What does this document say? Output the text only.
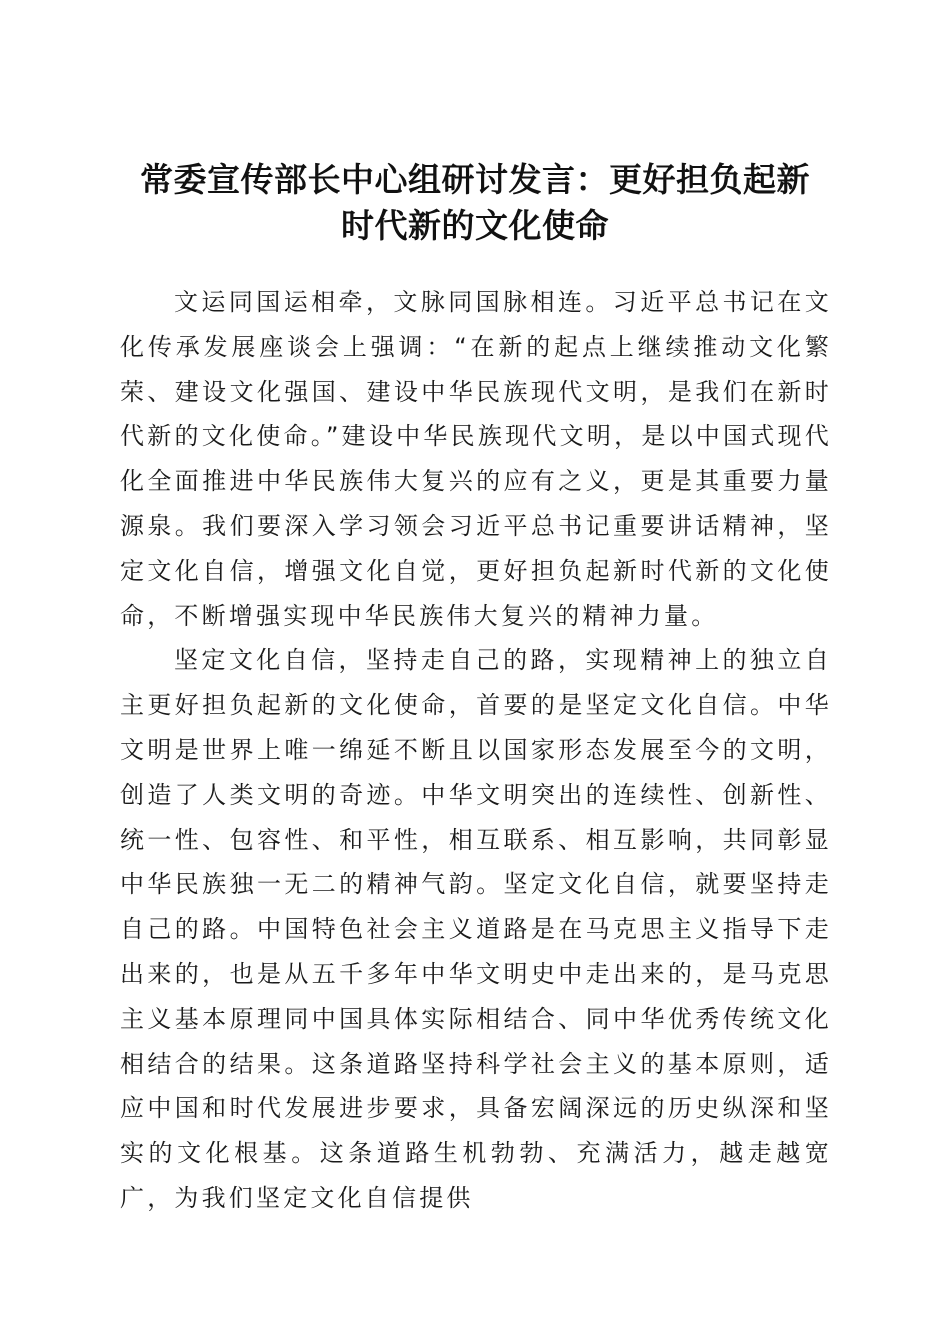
常委宣传部长中心组研讨发言：更好担负起新
时代新的文化使命

文运同国运相牵，文脉同国脉相连。习近平总书记在文化传承发展座谈会上强调：“在新的起点上继续推动文化繁荣、建设文化强国、建设中华民族现代文明，是我们在新时代新的文化使命。”建设中华民族现代文明，是以中国式现代化全面推进中华民族伟大复兴的应有之义，更是其重要力量源泉。我们要深入学习领会习近平总书记重要讲话精神，坚定文化自信，增强文化自觉，更好担负起新时代新的文化使命，不断增强实现中华民族伟大复兴的精神力量。

坚定文化自信，坚持走自己的路，实现精神上的独立自主更好担负起新的文化使命，首要的是坚定文化自信。中华文明是世界上唯一绵延不断且以国家形态发展至今的文明，创造了人类文明的奇迹。中华文明突出的连续性、创新性、统一性、包容性、和平性，相互联系、相互影响，共同彰显中华民族独一无二的精神气韵。坚定文化自信，就要坚持走自己的路。中国特色社会主义道路是在马克思主义指导下走出来的，也是从五千多年中华文明史中走出来的，是马克思主义基本原理同中国具体实际相结合、同中华优秀传统文化相结合的结果。这条道路坚持科学社会主义的基本原则，适应中国和时代发展进步要求，具备宏阔深远的历史纵深和坚实的文化根基。这条道路生机勃勃、充满活力，越走越宽广，为我们坚定文化自信提供
